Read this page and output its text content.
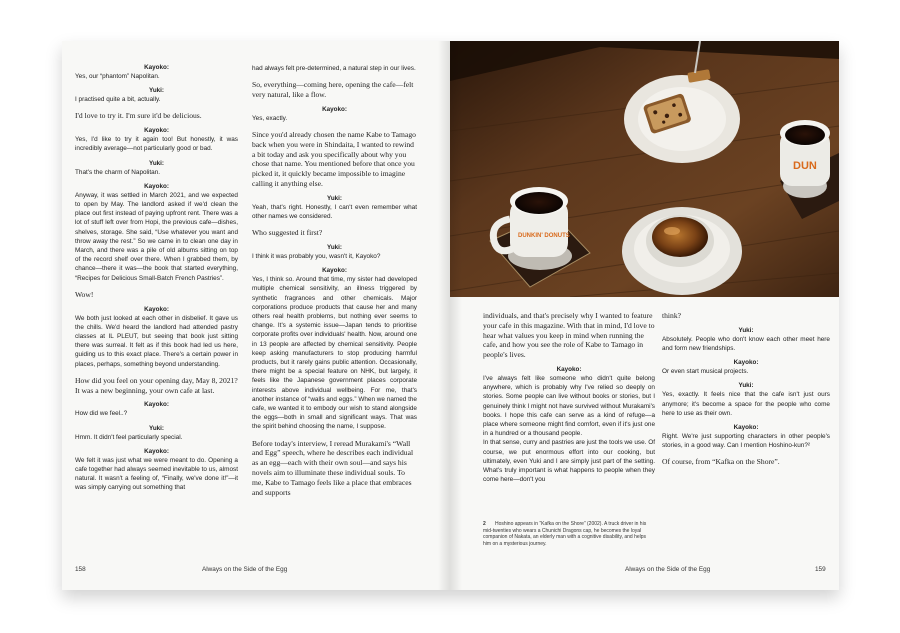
Kayoko:

Yes, our “phantom” Napolitan.

Yuki:

I practised quite a bit, actually.

I'd love to try it. I'm sure it'd be delicious.

Kayoko:

Yes, I'd like to try it again too! But honestly, it was incredibly average—not particularly good or bad.

Yuki:

That's the charm of Napolitan.

Kayoko:

Anyway, it was settled in March 2021, and we expected to open by May. The landlord asked if we'd clean the place out first instead of paying upfront rent. There was a lot of stuff left over from Hopi, the previous cafe—dishes, shelves, storage. She said, “Use whatever you want and throw away the rest.” So we came in to clean one day in March, and there was a pile of old albums sitting on top of the record shelf over there. When I grabbed them, by chance—there it was—the book that started everything, “Recipes for Delicious Small-Batch French Pastries”.

Wow!

Kayoko:

We both just looked at each other in disbelief. It gave us the chills. We'd heard the landlord had attended pastry classes at IL PLEUT, but seeing that book just sitting there was surreal. It felt as if this book had led us here, guiding us to this exact place. There's a certain power in places, perhaps, something beyond understanding.

How did you feel on your opening day, May 8, 2021? It was a new beginning, your own cafe at last.

Kayoko:

How did we feel..?

Yuki:

Hmm. It didn't feel particularly special.

Kayoko:

We felt it was just what we were meant to do. Opening a cafe together had always seemed inevitable to us, almost natural. It wasn't a feeling of, “Finally, we've done it!”—it was simply carrying out something that

had always felt pre-determined, a natural step in our lives.

So, everything—coming here, opening the cafe—felt very natural, like a flow.

Kayoko:

Yes, exactly.

Since you'd already chosen the name Kabe to Tamago back when you were in Shindaita, I wanted to rewind a bit today and ask you specifically about why you chose that name. You mentioned before that once you picked it, it quickly became impossible to imagine calling it anything else.

Yuki:

Yeah, that's right. Honestly, I can't even remember what other names we considered.

Who suggested it first?

Yuki:

I think it was probably you, wasn't it, Kayoko?

Kayoko:

Yes, I think so. Around that time, my sister had developed multiple chemical sensitivity, an illness triggered by synthetic fragrances and other chemicals. Major corporations produce products that cause her and many others real health problems, but nothing ever seems to change. It's a systemic issue—Japan tends to prioritise corporate profits over individuals' health. Now, around one in 13 people are affected by chemical sensitivity. People keep asking manufacturers to stop producing harmful products, but it rarely gains public attention. Occasionally, there might be a special feature on NHK, but largely, it feels like the Japanese government places corporate interests above individual wellbeing. For me, that's another instance of “walls and eggs.” When we named the cafe, we wanted it to embody our wish to stand alongside the eggs—both in small and significant ways. That was the spirit behind choosing the name, I suppose.

Before today's interview, I reread Murakami's “Wall and Egg” speech, where he describes each individual as an egg—each with their own soul—and says his novels aim to illuminate these individual souls. To me, Kabe to Tamago feels like a place that embraces and supports

158	Always on the Side of the Egg
DUN
DUNKIN' DONUTS

individuals, and that's precisely why I wanted to feature your cafe in this magazine. With that in mind, I'd love to hear what values you keep in mind when running the cafe, and how you see the role of Kabe to Tamago in people's lives.

Kayoko:

I've always felt like someone who didn't quite belong anywhere, which is probably why I've relied so deeply on stories. Some people can live without books or stories, but I genuinely think I might not have survived without Murakami's books. I hope this cafe can serve as a kind of refuge—a place where someone might find comfort, even if it's just one in a hundred or a thousand people.

In that sense, curry and pastries are just the tools we use. Of course, we put enormous effort into our cooking, but ultimately, even Yuki and I are simply just part of the setting. What's truly important is what happens to people when they come here—don't you

think?

Yuki:

Absolutely. People who don't know each other meet here and form new friendships.

Kayoko:

Or even start musical projects.

Yuki:

Yes, exactly. It feels nice that the cafe isn't just ours anymore; it's become a space for the people who come here to use as their own.

Kayoko:

Right. We're just supporting characters in other people's stories, in a good way. Can I mention Hoshino-kun?²

Of course, from “Kafka on the Shore”.

2 Hoshino appears in “Kafka on the Shore” (2002). A truck driver in his mid-twenties who wears a Chunichi Dragons cap, he becomes the loyal companion of Nakata, an elderly man with a cognitive disability, and helps him on a mysterious journey.
Always on the Side of the Egg	159
